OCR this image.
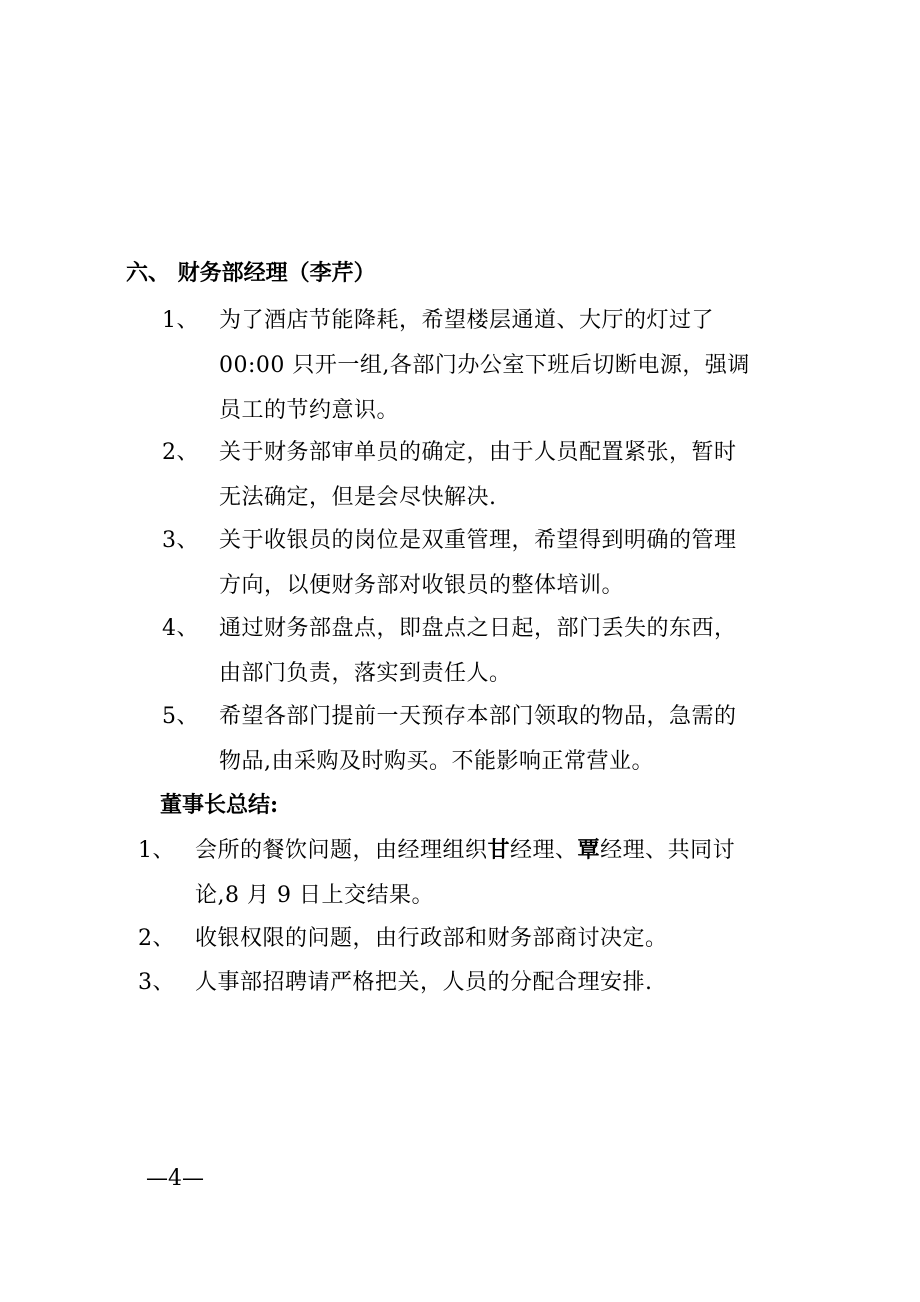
六、 财务部经理（李芹）
1、 为了酒店节能降耗，希望楼层通道、大厅的灯过了
00:00 只开一组,各部门办公室下班后切断电源，强调
员工的节约意识。
2、 关于财务部审单员的确定，由于人员配置紧张，暂时
无法确定，但是会尽快解决.
3、 关于收银员的岗位是双重管理，希望得到明确的管理
方向，以便财务部对收银员的整体培训。
4、 通过财务部盘点，即盘点之日起，部门丢失的东西，
由部门负责，落实到责任人。
5、 希望各部门提前一天预存本部门领取的物品，急需的
物品,由采购及时购买。不能影响正常营业。
董事长总结:
1、 会所的餐饮问题，由经理组织甘经理、覃经理、共同讨
论,8 月 9 日上交结果。
2、 收银权限的问题，由行政部和财务部商讨决定。
3、 人事部招聘请严格把关，人员的分配合理安排.
—4—
